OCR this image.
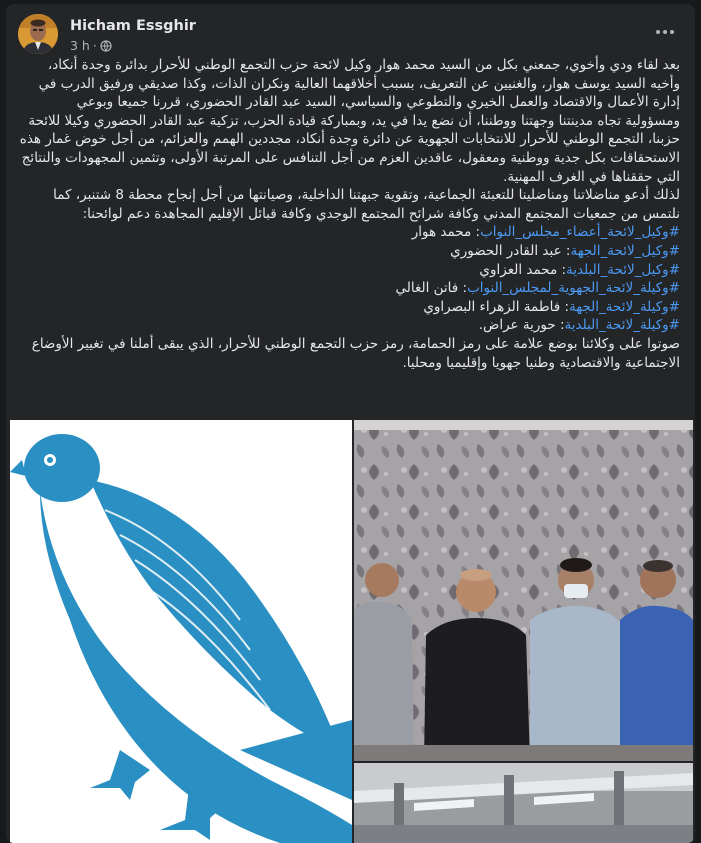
Hicham Essghir
3 h ·

بعد لقاء ودي وأخوي، جمعني بكل من السيد محمد هوار وكيل لائحة حزب التجمع الوطني للأحرار بدائرة وجدة أنكاد، وأخيه السيد يوسف هوار، والغنيين عن التعريف، بسبب أخلاقهما العالية ونكران الذات، وكذا صديقي ورفيق الدرب في إدارة الأعمال والاقتصاد والعمل الخيري والتطوعي والسياسي، السيد عبد القادر الحضوري، قررنا جميعا وبوعي ومسؤولية تجاه مدينتنا وجهتنا ووطننا، أن نضع يدا في يد، وبمباركة قيادة الحزب، تزكية عبد القادر الحضوري وكيلا للائحة حزبنا، التجمع الوطني للأحرار للانتخابات الجهوية عن دائرة وجدة أنكاد، مجددين الهمم والعزائم، من أجل خوض غمار هذه الاستحقاقات بكل جدية ووطنية ومعقول، عاقدين العزم من أجل التنافس على المرتبة الأولى، وتثمين المجهودات والنتائج التي حققناها في الغرف المهنية.

لذلك أدعو مناضلاتنا ومناضلينا للتعبئة الجماعية، وتقوية جبهتنا الداخلية، وصيانتها من أجل إنجاح محطة 8 شتنبر، كما نلتمس من جمعيات المجتمع المدني وكافة شرائح المجتمع الوجدي وكافة قبائل الإقليم المجاهدة دعم لوائحنا:

#وكيل_لائحة_أعضاء_مجلس_النواب: محمد هوار

#وكيل_لائحة_الجهة: عبد القادر الحضوري

#وكيل_لائحة_البلدية: محمد العزاوي

#وكيلة_لائحة_الجهوية_لمجلس_النواب: فاتن الغالي

#وكيلة_لائحة_الجهة: فاطمة الزهراء البصراوي

#وكيلة_لائحة_البلدية: حورية عراض.

صوتوا على وكلائنا بوضع علامة على رمز الحمامة، رمز حزب التجمع الوطني للأحرار، الذي يبقى أملنا في تغيير الأوضاع الاجتماعية والاقتصادية وطنيا جهويا وإقليميا ومحليا.
